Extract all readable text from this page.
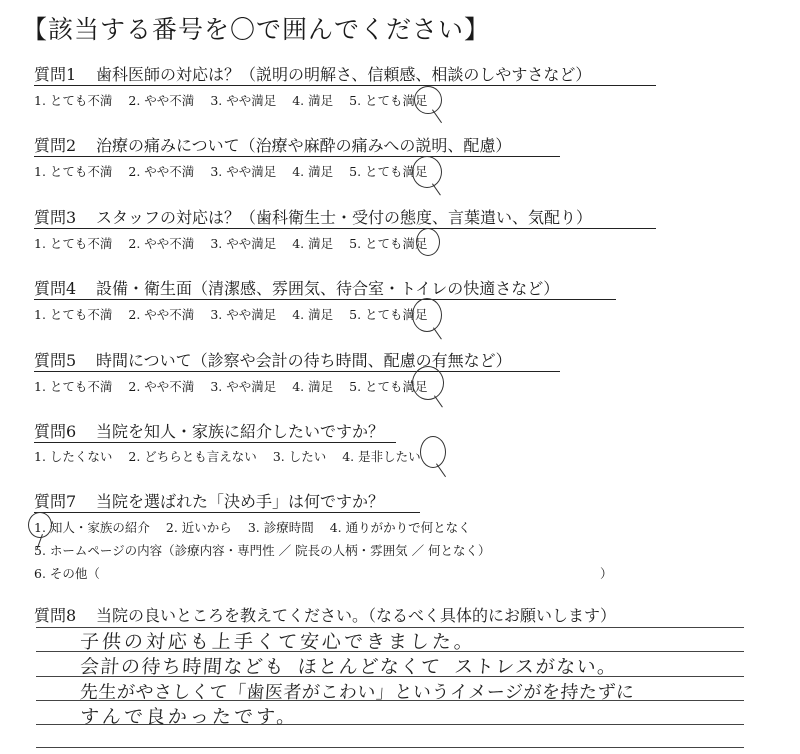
【該当する番号を〇で囲んでください】
質問1 歯科医師の対応は？（説明の明解さ、信頼感、相談のしやすさなど）
1. とても不満 2. やや不満 3. やや満足 4. 満足 5. とても満足
質問2 治療の痛みについて（治療や麻酔の痛みへの説明、配慮）
1. とても不満 2. やや不満 3. やや満足 4. 満足 5. とても満足
質問3 スタッフの対応は？（歯科衛生士・受付の態度、言葉遣い、気配り）
1. とても不満 2. やや不満 3. やや満足 4. 満足 5. とても満足
質問4 設備・衛生面（清潔感、雰囲気、待合室・トイレの快適さなど）
1. とても不満 2. やや不満 3. やや満足 4. 満足 5. とても満足
質問5 時間について（診察や会計の待ち時間、配慮の有無など）
1. とても不満 2. やや不満 3. やや満足 4. 満足 5. とても満足
質問6 当院を知人・家族に紹介したいですか？
1. したくない 2. どちらとも言えない 3. したい 4. 是非したい
質問7 当院を選ばれた「決め手」は何ですか？
1. 知人・家族の紹介 2. 近いから 3. 診療時間 4. 通りがかりで何となく
5. ホームページの内容（診療内容・専門性 ／ 院長の人柄・雰囲気 ／ 何となく）
6. その他（	）
質問8 当院の良いところを教えてください。（なるべく具体的にお願いします）
子供の対応も上手くて安心できました。
会計の待ち時間なども ほとんどなくて ストレスがない。
先生がやさしくて「歯医者がこわい」というイメージがを持たずに
すんで良かったです。
